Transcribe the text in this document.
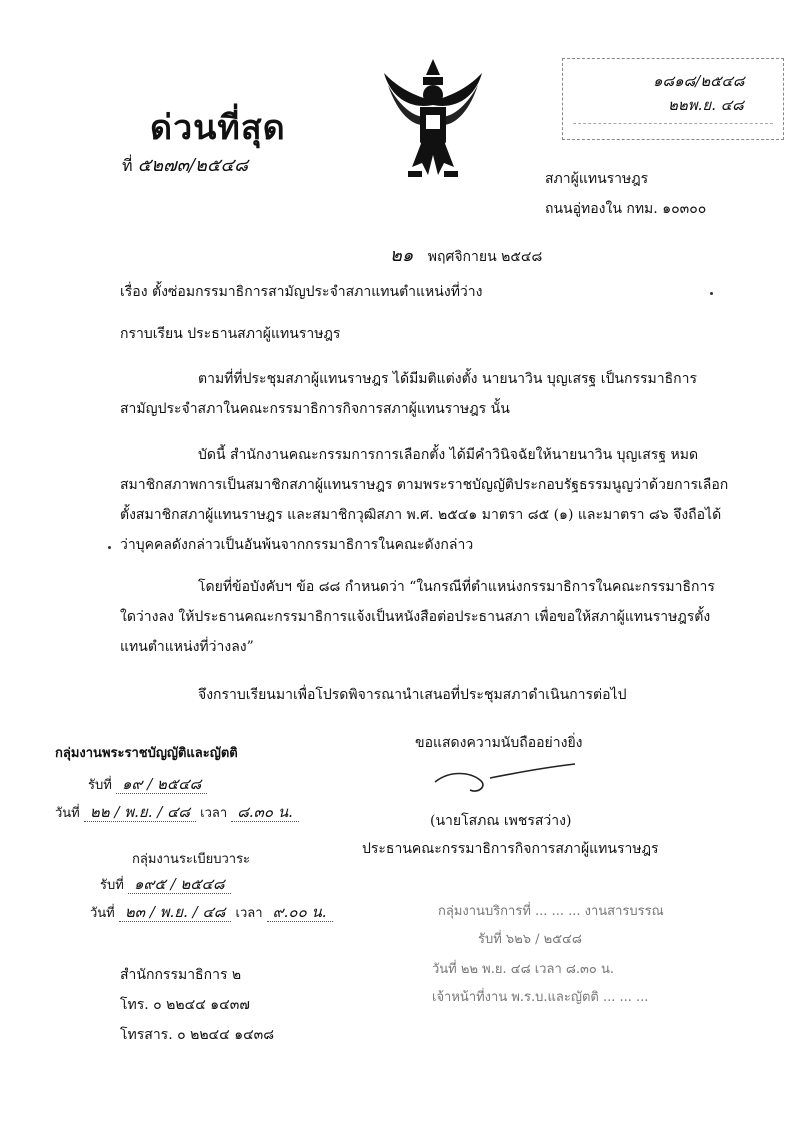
ด่วนที่สุด
ที่ ๕๒๗๓/๒๕๔๘
๑๘๑๘/๒๕๔๘
๒๒พ.ย. ๔๘
สภาผู้แทนราษฎร
ถนนอู่ทองใน กทม. ๑๐๓๐๐
๒๑ พฤศจิกายน ๒๕๔๘
เรื่อง ตั้งซ่อมกรรมาธิการสามัญประจำสภาแทนตำแหน่งที่ว่าง
กราบเรียน ประธานสภาผู้แทนราษฎร
ตามที่ที่ประชุมสภาผู้แทนราษฎร ได้มีมติแต่งตั้ง นายนาวิน บุญเสรฐ เป็นกรรมาธิการสามัญประจำสภาในคณะกรรมาธิการกิจการสภาผู้แทนราษฎร นั้น
บัดนี้ สำนักงานคณะกรรมการการเลือกตั้ง ได้มีคำวินิจฉัยให้นายนาวิน บุญเสรฐ หมดสมาชิกสภาพการเป็นสมาชิกสภาผู้แทนราษฎร ตามพระราชบัญญัติประกอบรัฐธรรมนูญว่าด้วยการเลือกตั้งสมาชิกสภาผู้แทนราษฎร และสมาชิกวุฒิสภา พ.ศ. ๒๕๔๑ มาตรา ๘๕ (๑) และมาตรา ๘๖ จึงถือได้ว่าบุคคลดังกล่าวเป็นอันพ้นจากกรรมาธิการในคณะดังกล่าว
โดยที่ข้อบังคับฯ ข้อ ๘๘ กำหนดว่า “ในกรณีที่ตำแหน่งกรรมาธิการในคณะกรรมาธิการใดว่างลง ให้ประธานคณะกรรมาธิการแจ้งเป็นหนังสือต่อประธานสภา เพื่อขอให้สภาผู้แทนราษฎรตั้งแทนตำแหน่งที่ว่างลง”
จึงกราบเรียนมาเพื่อโปรดพิจารณานำเสนอที่ประชุมสภาดำเนินการต่อไป
ขอแสดงความนับถืออย่างยิ่ง
(นายโสภณ เพชรสว่าง)
ประธานคณะกรรมาธิการกิจการสภาผู้แทนราษฎร
กลุ่มงานพระราชบัญญัติและญัตติ
รับที่ ๑๙ / ๒๕๔๘
วันที่ ๒๒ / พ.ย. / ๔๘ เวลา ๘.๓๐ น.
กลุ่มงานระเบียบวาระ
รับที่ ๑๙๕ / ๒๕๔๘
วันที่ ๒๓ / พ.ย. / ๔๘ เวลา ๙.๐๐ น.	กลุ่มงานบริการที่ ... ... ... งานสารบรรณ
รับที่ ๖๒๖ / ๒๕๔๘
วันที่ ๒๒ พ.ย. ๔๘ เวลา ๘.๓๐ น.
เจ้าหน้าที่งาน พ.ร.บ.และญัตติ ... ... ...
สำนักกรรมาธิการ ๒
โทร. ๐ ๒๒๔๔ ๑๔๓๗
โทรสาร. ๐ ๒๒๔๔ ๑๔๓๘
